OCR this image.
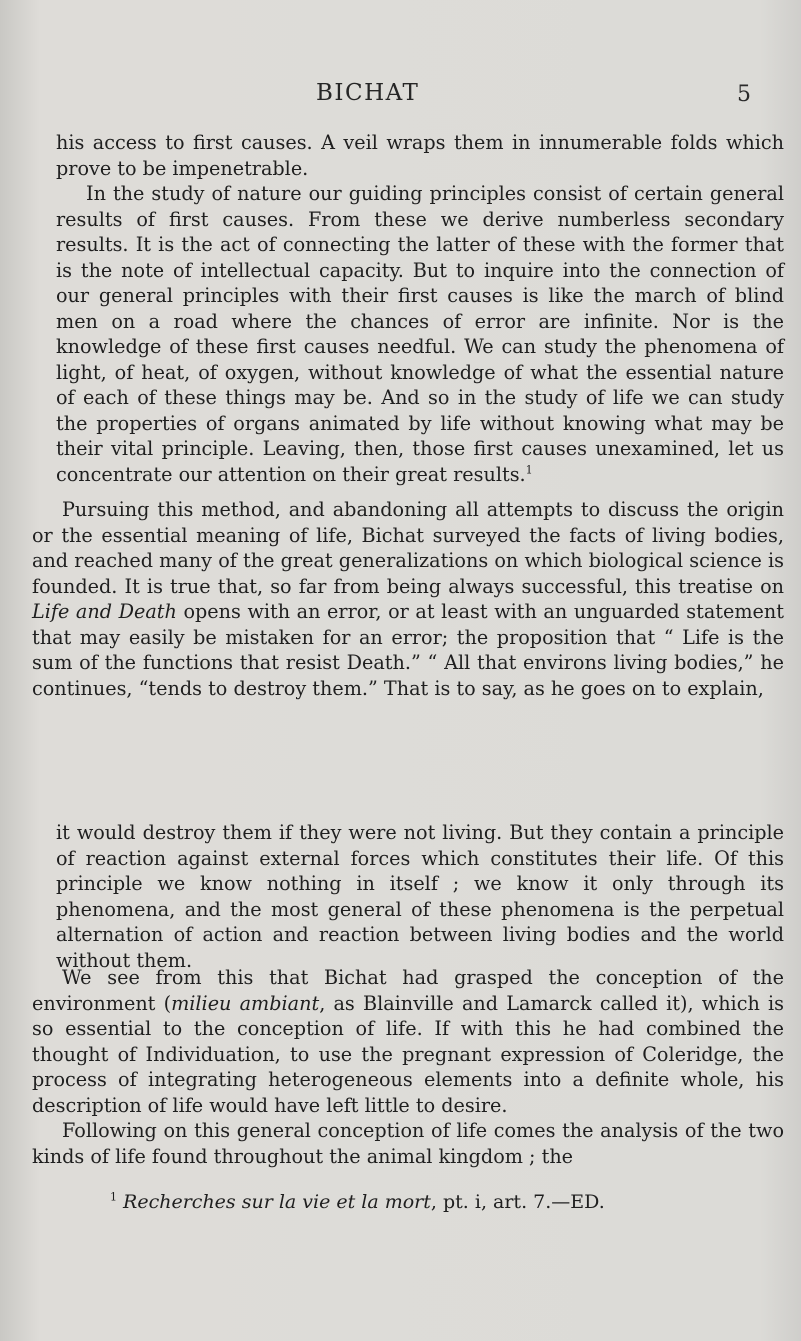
BICHAT	5

his access to first causes. A veil wraps them in innumerable folds which prove to be impenetrable.

In the study of nature our guiding principles consist of certain general results of first causes. From these we derive numberless secondary results. It is the act of connecting the latter of these with the former that is the note of intellectual capacity. But to inquire into the connection of our general principles with their first causes is like the march of blind men on a road where the chances of error are infinite. Nor is the knowledge of these first causes needful. We can study the phenomena of light, of heat, of oxygen, without knowledge of what the essential nature of each of these things may be. And so in the study of life we can study the properties of organs animated by life without knowing what may be their vital principle. Leaving, then, those first causes unexamined, let us concentrate our attention on their great results.$^1$

Pursuing this method, and abandoning all attempts to discuss the origin or the essential meaning of life, Bichat surveyed the facts of living bodies, and reached many of the great generalizations on which biological science is founded. It is true that, so far from being always successful, this treatise on Life and Death opens with an error, or at least with an unguarded statement that may easily be mistaken for an error; the proposition that “ Life is the sum of the functions that resist Death.” “ All that environs living bodies,” he continues, “tends to destroy them.” That is to say, as he goes on to explain,

it would destroy them if they were not living. But they contain a principle of reaction against external forces which constitutes their life. Of this principle we know nothing in itself ; we know it only through its phenomena, and the most general of these phenomena is the perpetual alternation of action and reaction between living bodies and the world without them.

We see from this that Bichat had grasped the conception of the environment (milieu ambiant, as Blainville and Lamarck called it), which is so essential to the conception of life. If with this he had combined the thought of Individuation, to use the pregnant expression of Coleridge, the process of integrating heterogeneous elements into a definite whole, his description of life would have left little to desire.

Following on this general conception of life comes the analysis of the two kinds of life found throughout the animal kingdom ; the

$^1$ Recherches sur la vie et la mort, pt. i, art. 7.—ED.
